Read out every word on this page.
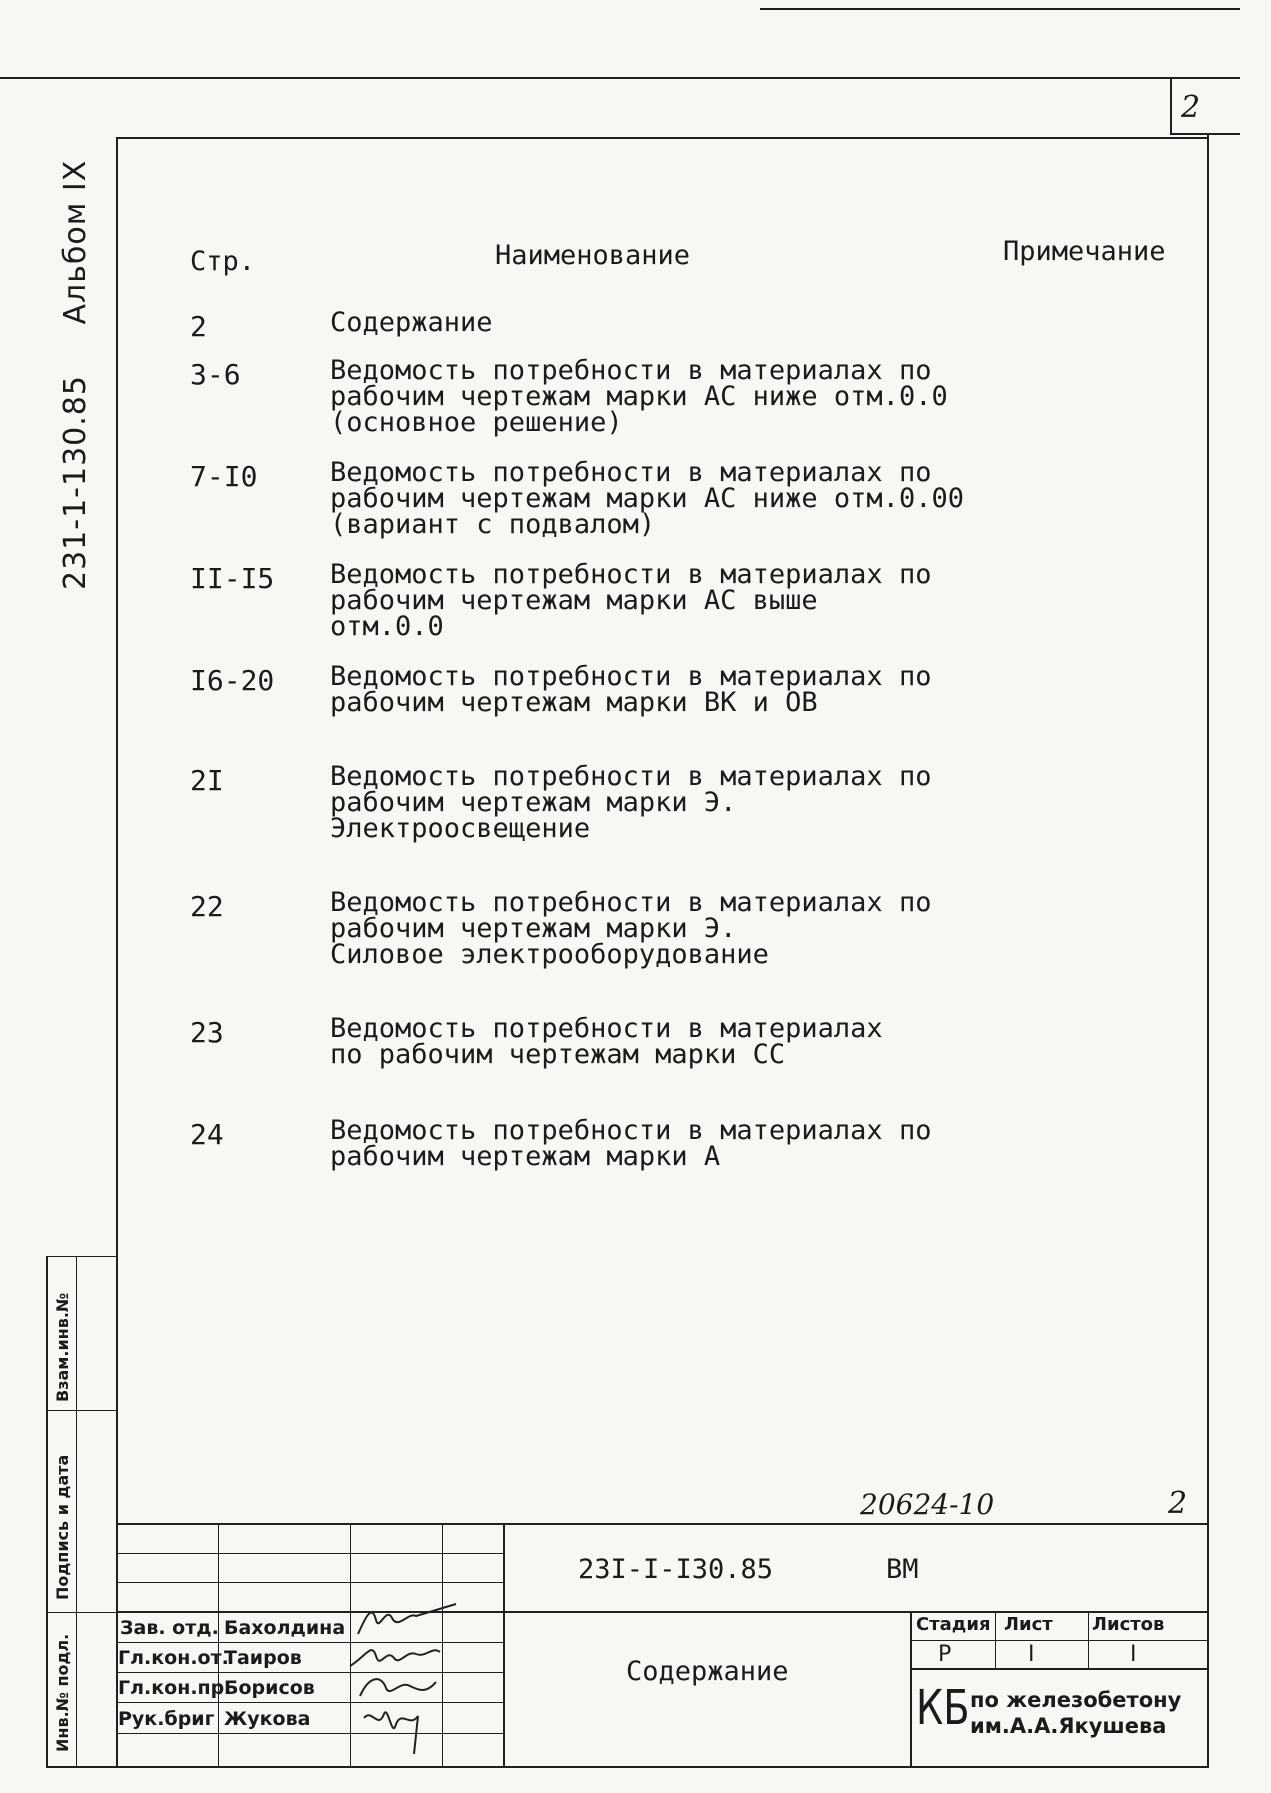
2
231-1-130.85 Альбом IX	Стр.	Наименование	Примечание
2	Содержание
3-6	Ведомость потребности в материалах по
рабочим чертежам марки АС ниже отм.0.0
(основное решение)
7-I0	Ведомость потребности в материалах по
рабочим чертежам марки АС ниже отм.0.00
(вариант с подвалом)
II-I5 Ведомость потребности в материалах по
рабочим чертежам марки АС выше
отм.0.0
I6-20 Ведомость потребности в материалах по
рабочим чертежам марки ВК и ОВ
2I	Ведомость потребности в материалах по
рабочим чертежам марки Э.
Электроосвещение
22	Ведомость потребности в материалах по
рабочим чертежам марки Э.
Силовое электрооборудование
23	Ведомость потребности в материалах
по рабочим чертежам марки СС
24	Ведомость потребности в материалах по
рабочим чертежам марки А
20624-10	2
23I-I-I30.85	ВМ
Содержание
Зав. отд. Бахолдина
Гл.кон.от.
Таиров
Гл.кон.пр.
Борисов
Рук.бриг Жукова
Стадия Лист Листов
Р	I	I
КБ по железобетону
им.А.А.Якушева
Инв.№ подл.
Подпись и дата
Взам.инв.№
